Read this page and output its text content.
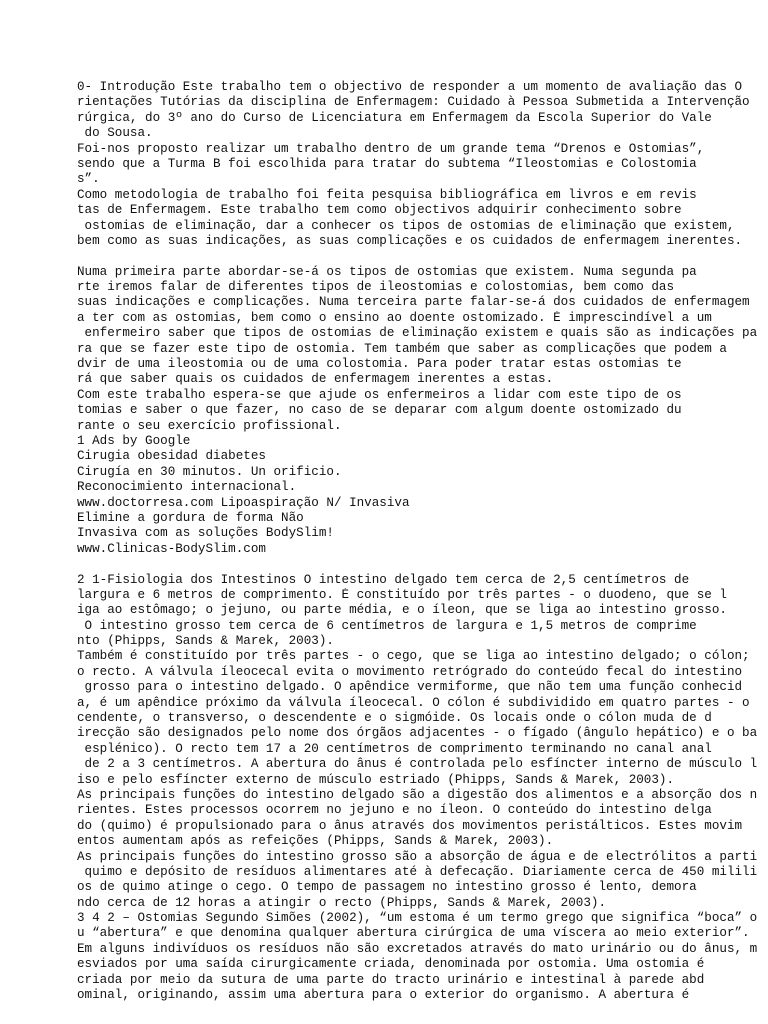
0- Introdução Este trabalho tem o objectivo de responder a um momento de avaliação das O
rientações Tutórias da disciplina de Enfermagem: Cuidado à Pessoa Submetida a Intervenção
rúrgica, do 3º ano do Curso de Licenciatura em Enfermagem da Escola Superior do Vale
do Sousa.
Foi-nos proposto realizar um trabalho dentro de um grande tema “Drenos e Ostomias”,
sendo que a Turma B foi escolhida para tratar do subtema “Ileostomias e Colostomia
s”.
Como metodologia de trabalho foi feita pesquisa bibliográfica em livros e em revis
tas de Enfermagem. Este trabalho tem como objectivos adquirir conhecimento sobre
ostomias de eliminação, dar a conhecer os tipos de ostomias de eliminação que existem,
bem como as suas indicações, as suas complicações e os cuidados de enfermagem inerentes.
Numa primeira parte abordar-se-á os tipos de ostomias que existem. Numa segunda pa
rte iremos falar de diferentes tipos de ileostomias e colostomias, bem como das
suas indicações e complicações. Numa terceira parte falar-se-á dos cuidados de enfermagem
a ter com as ostomias, bem como o ensino ao doente ostomizado. É imprescindível a um
enfermeiro saber que tipos de ostomias de eliminação existem e quais são as indicações pa
ra que se fazer este tipo de ostomia. Tem também que saber as complicações que podem a
dvir de uma ileostomia ou de uma colostomia. Para poder tratar estas ostomias te
rá que saber quais os cuidados de enfermagem inerentes a estas.
Com este trabalho espera-se que ajude os enfermeiros a lidar com este tipo de os
tomias e saber o que fazer, no caso de se deparar com algum doente ostomizado du
rante o seu exercício profissional.
1 Ads by Google
Cirugia obesidad diabetes
Cirugía en 30 minutos. Un orificio.
Reconocimiento internacional.
www.doctorresa.com Lipoaspiração N/ Invasiva
Elimine a gordura de forma Não
Invasiva com as soluções BodySlim!
www.Clinicas-BodySlim.com
2 1-Fisiologia dos Intestinos O intestino delgado tem cerca de 2,5 centímetros de
largura e 6 metros de comprimento. É constituído por três partes - o duodeno, que se l
iga ao estômago; o jejuno, ou parte média, e o íleon, que se liga ao intestino grosso.
O intestino grosso tem cerca de 6 centímetros de largura e 1,5 metros de comprime
nto (Phipps, Sands & Marek, 2003).
Também é constituído por três partes - o cego, que se liga ao intestino delgado; o cólon;
o recto. A válvula íleocecal evita o movimento retrógrado do conteúdo fecal do intestino
grosso para o intestino delgado. O apêndice vermiforme, que não tem uma função conhecid
a, é um apêndice próximo da válvula íleocecal. O cólon é subdividido em quatro partes - o
cendente, o transverso, o descendente e o sigmóide. Os locais onde o cólon muda de d
irecção são designados pelo nome dos órgãos adjacentes - o fígado (ângulo hepático) e o ba
esplénico). O recto tem 17 a 20 centímetros de comprimento terminando no canal anal
de 2 a 3 centímetros. A abertura do ânus é controlada pelo esfíncter interno de músculo l
iso e pelo esfíncter externo de músculo estriado (Phipps, Sands & Marek, 2003).
As principais funções do intestino delgado são a digestão dos alimentos e a absorção dos n
rientes. Estes processos ocorrem no jejuno e no íleon. O conteúdo do intestino delga
do (quimo) é propulsionado para o ânus através dos movimentos peristálticos. Estes movim
entos aumentam após as refeições (Phipps, Sands & Marek, 2003).
As principais funções do intestino grosso são a absorção de água e de electrólitos a parti
quimo e depósito de resíduos alimentares até à defecação. Diariamente cerca de 450 milili
os de quimo atinge o cego. O tempo de passagem no intestino grosso é lento, demora
ndo cerca de 12 horas a atingir o recto (Phipps, Sands & Marek, 2003).
3 4 2 – Ostomias Segundo Simões (2002), “um estoma é um termo grego que significa “boca” o
u “abertura” e que denomina qualquer abertura cirúrgica de uma víscera ao meio exterior”.
Em alguns indivíduos os resíduos não são excretados através do mato urinário ou do ânus, m
esviados por uma saída cirurgicamente criada, denominada por ostomia. Uma ostomia é
criada por meio da sutura de uma parte do tracto urinário e intestinal à parede abd
ominal, originando, assim uma abertura para o exterior do organismo. A abertura é
